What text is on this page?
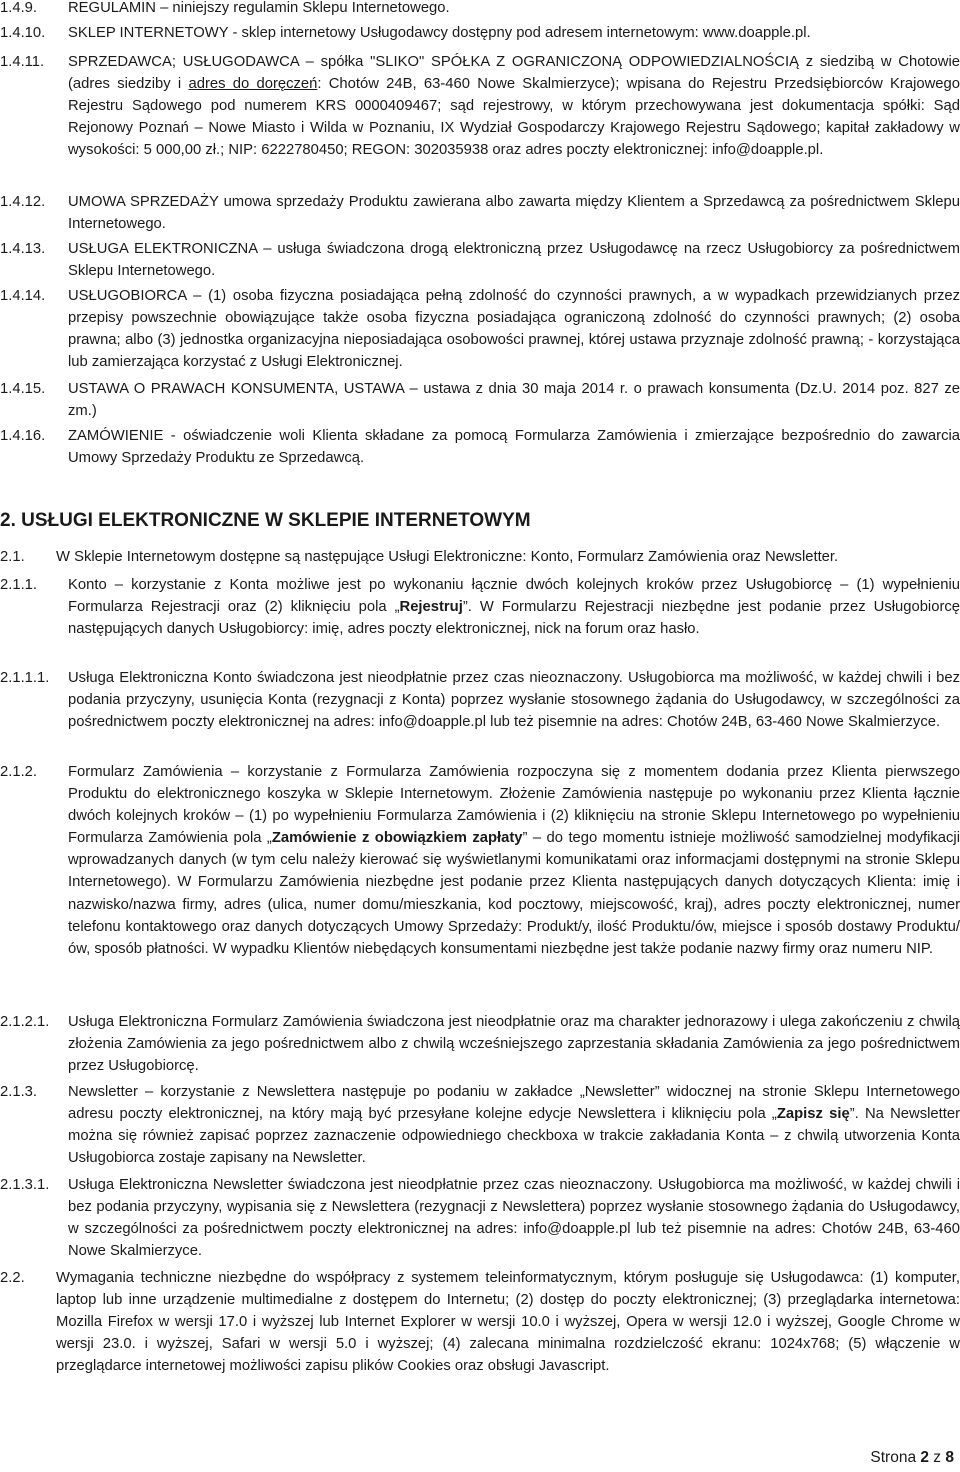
1.4.9.	REGULAMIN – niniejszy regulamin Sklepu Internetowego.
1.4.10.	SKLEP INTERNETOWY - sklep internetowy Usługodawcy dostępny pod adresem internetowym: www.doapple.pl.
1.4.11.	SPRZEDAWCA; USŁUGODAWCA – spółka "SLIKO" SPÓŁKA Z OGRANICZONĄ ODPOWIEDZIALNOŚCIĄ z siedzibą w Chotowie (adres siedziby i adres do doręczeń: Chotów 24B, 63-460 Nowe Skalmierzyce); wpisana do Rejestru Przedsiębiorców Krajowego Rejestru Sądowego pod numerem KRS 0000409467; sąd rejestrowy, w którym przechowywana jest dokumentacja spółki: Sąd Rejonowy Poznań – Nowe Miasto i Wilda w Poznaniu, IX Wydział Gospodarczy Krajowego Rejestru Sądowego; kapitał zakładowy w wysokości: 5 000,00 zł.; NIP: 6222780450; REGON: 302035938 oraz adres poczty elektronicznej: info@doapple.pl.
1.4.12.	UMOWA SPRZEDAŻY umowa sprzedaży Produktu zawierana albo zawarta między Klientem a Sprzedawcą za pośrednictwem Sklepu Internetowego.
1.4.13.	USŁUGA ELEKTRONICZNA – usługa świadczona drogą elektroniczną przez Usługodawcę na rzecz Usługobiorcy za pośrednictwem Sklepu Internetowego.
1.4.14.	USŁUGOBIORCA – (1) osoba fizyczna posiadająca pełną zdolność do czynności prawnych, a w wypadkach przewidzianych przez przepisy powszechnie obowiązujące także osoba fizyczna posiadająca ograniczoną zdolność do czynności prawnych; (2) osoba prawna; albo (3) jednostka organizacyjna nieposiadająca osobowości prawnej, której ustawa przyznaje zdolność prawną; - korzystająca lub zamierzająca korzystać z Usługi Elektronicznej.
1.4.15.	USTAWA O PRAWACH KONSUMENTA, USTAWA – ustawa z dnia 30 maja 2014 r. o prawach konsumenta (Dz.U. 2014 poz. 827 ze zm.)
1.4.16.	ZAMÓWIENIE - oświadczenie woli Klienta składane za pomocą Formularza Zamówienia i zmierzające bezpośrednio do zawarcia Umowy Sprzedaży Produktu ze Sprzedawcą.
2. USŁUGI ELEKTRONICZNE W SKLEPIE INTERNETOWYM
2.1.	W Sklepie Internetowym dostępne są następujące Usługi Elektroniczne: Konto, Formularz Zamówienia oraz Newsletter.
2.1.1.	Konto – korzystanie z Konta możliwe jest po wykonaniu łącznie dwóch kolejnych kroków przez Usługobiorcę – (1) wypełnieniu Formularza Rejestracji oraz (2) kliknięciu pola „Rejestruj”. W Formularzu Rejestracji niezbędne jest podanie przez Usługobiorcę następujących danych Usługobiorcy: imię, adres poczty elektronicznej, nick na forum oraz hasło.
2.1.1.1.	Usługa Elektroniczna Konto świadczona jest nieodpłatnie przez czas nieoznaczony. Usługobiorca ma możliwość, w każdej chwili i bez podania przyczyny, usunięcia Konta (rezygnacji z Konta) poprzez wysłanie stosownego żądania do Usługodawcy, w szczególności za pośrednictwem poczty elektronicznej na adres: info@doapple.pl lub też pisemnie na adres: Chotów 24B, 63-460 Nowe Skalmierzyce.
2.1.2.	Formularz Zamówienia – korzystanie z Formularza Zamówienia rozpoczyna się z momentem dodania przez Klienta pierwszego Produktu do elektronicznego koszyka w Sklepie Internetowym. Złożenie Zamówienia następuje po wykonaniu przez Klienta łącznie dwóch kolejnych kroków – (1) po wypełnieniu Formularza Zamówienia i (2) kliknięciu na stronie Sklepu Internetowego po wypełnieniu Formularza Zamówienia pola „Zamówienie z obowiązkiem zapłaty” – do tego momentu istnieje możliwość samodzielnej modyfikacji wprowadzanych danych (w tym celu należy kierować się wyświetlanymi komunikatami oraz informacjami dostępnymi na stronie Sklepu Internetowego). W Formularzu Zamówienia niezbędne jest podanie przez Klienta następujących danych dotyczących Klienta: imię i nazwisko/nazwa firmy, adres (ulica, numer domu/mieszkania, kod pocztowy, miejscowość, kraj), adres poczty elektronicznej, numer telefonu kontaktowego oraz danych dotyczących Umowy Sprzedaży: Produkt/y, ilość Produktu/ów, miejsce i sposób dostawy Produktu/ów, sposób płatności. W wypadku Klientów niebędących konsumentami niezbędne jest także podanie nazwy firmy oraz numeru NIP.
2.1.2.1.	Usługa Elektroniczna Formularz Zamówienia świadczona jest nieodpłatnie oraz ma charakter jednorazowy i ulega zakończeniu z chwilą złożenia Zamówienia za jego pośrednictwem albo z chwilą wcześniejszego zaprzestania składania Zamówienia za jego pośrednictwem przez Usługobiorcę.
2.1.3.	Newsletter – korzystanie z Newslettera następuje po podaniu w zakładce „Newsletter” widocznej na stronie Sklepu Internetowego adresu poczty elektronicznej, na który mają być przesyłane kolejne edycje Newslettera i kliknięciu pola „Zapisz się”. Na Newsletter można się również zapisać poprzez zaznaczenie odpowiedniego checkboxa w trakcie zakładania Konta – z chwilą utworzenia Konta Usługobiorca zostaje zapisany na Newsletter.
2.1.3.1.	Usługa Elektroniczna Newsletter świadczona jest nieodpłatnie przez czas nieoznaczony. Usługobiorca ma możliwość, w każdej chwili i bez podania przyczyny, wypisania się z Newslettera (rezygnacji z Newslettera) poprzez wysłanie stosownego żądania do Usługodawcy, w szczególności za pośrednictwem poczty elektronicznej na adres: info@doapple.pl lub też pisemnie na adres: Chotów 24B, 63-460 Nowe Skalmierzyce.
2.2.	Wymagania techniczne niezbędne do współpracy z systemem teleinformatycznym, którym posługuje się Usługodawca: (1) komputer, laptop lub inne urządzenie multimedialne z dostępem do Internetu; (2) dostęp do poczty elektronicznej; (3) przeglądarka internetowa: Mozilla Firefox w wersji 17.0 i wyższej lub Internet Explorer w wersji 10.0 i wyższej, Opera w wersji 12.0 i wyższej, Google Chrome w wersji 23.0. i wyższej, Safari w wersji 5.0 i wyższej; (4) zalecana minimalna rozdzielczość ekranu: 1024x768; (5) włączenie w przeglądarce internetowej możliwości zapisu plików Cookies oraz obsługi Javascript.
Strona 2 z 8
